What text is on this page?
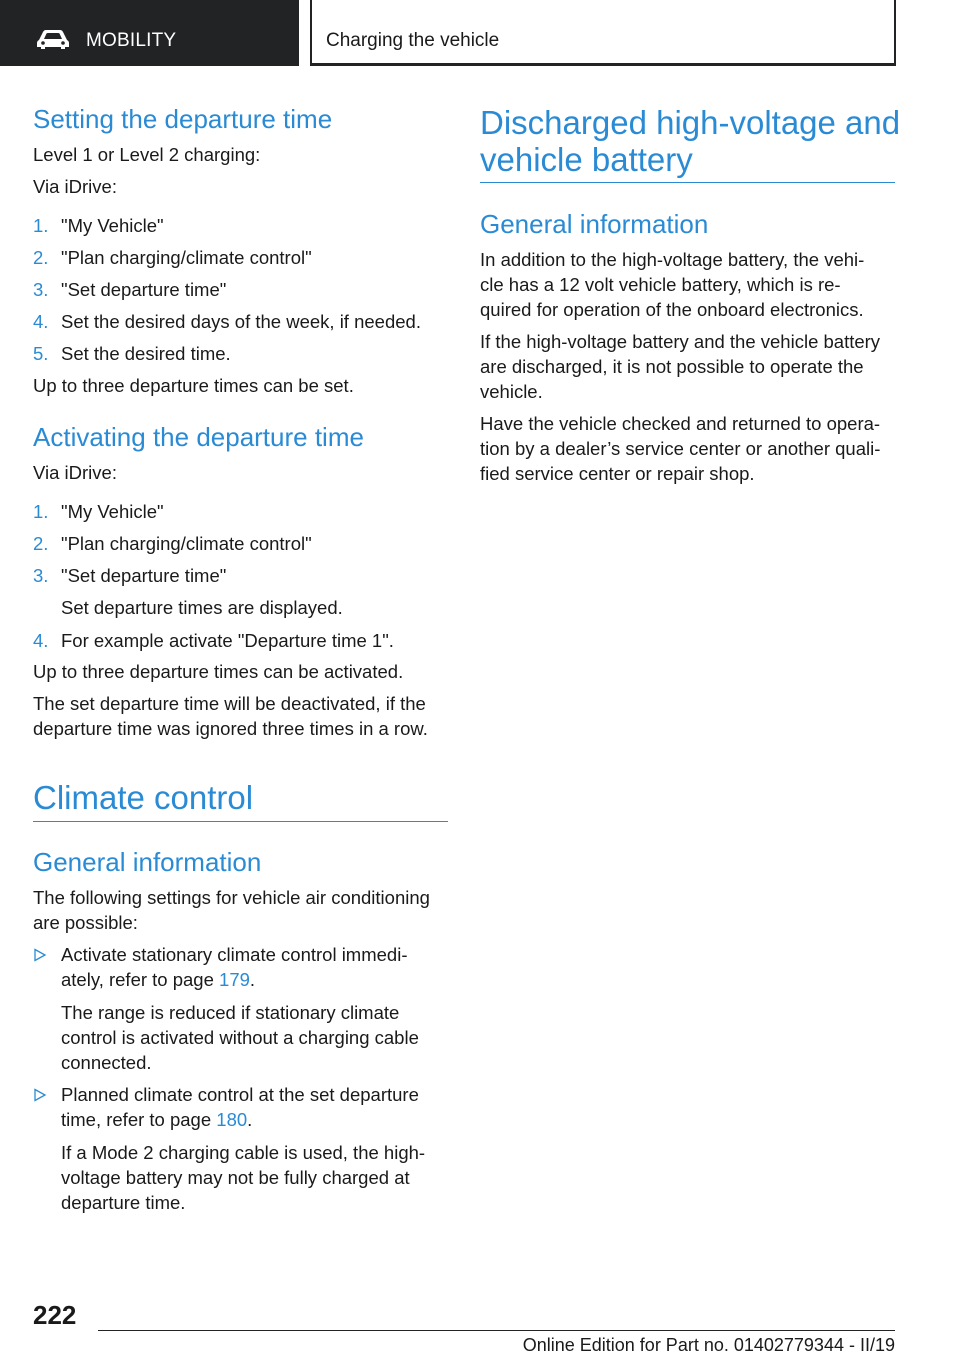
MOBILITY	Charging the vehicle
Setting the departure time

Level 1 or Level 2 charging:

Via iDrive:

1. "My Vehicle"
2. "Plan charging/climate control"
3. "Set departure time"
4. Set the desired days of the week, if needed.
5. Set the desired time.

Up to three departure times can be set.

Activating the departure time

Via iDrive:

1. "My Vehicle"
2. "Plan charging/climate control"
3. "Set departure time"

Set departure times are displayed.

4. For example activate "Departure time 1".

Up to three departure times can be activated.

The set departure time will be deactivated, if the departure time was ignored three times in a row.

Climate control
General information

The following settings for vehicle air conditioning are possible:

Activate stationary climate control immedi-
ately, refer to page 179.
The range is reduced if stationary climate
control is activated without a charging cable
connected.
Planned climate control at the set departure
time, refer to page 180.
If a Mode 2 charging cable is used, the high-
voltage battery may not be fully charged at
departure time.
Discharged high-voltage and
vehicle battery
General information
In addition to the high-voltage battery, the vehi-
cle has a 12 volt vehicle battery, which is re-
quired for operation of the onboard electronics.
If the high-voltage battery and the vehicle battery
are discharged, it is not possible to operate the
vehicle.
Have the vehicle checked and returned to opera-
tion by a dealer’s service center or another quali-
fied service center or repair shop.
222
Online Edition for Part no. 01402779344 - II/19
